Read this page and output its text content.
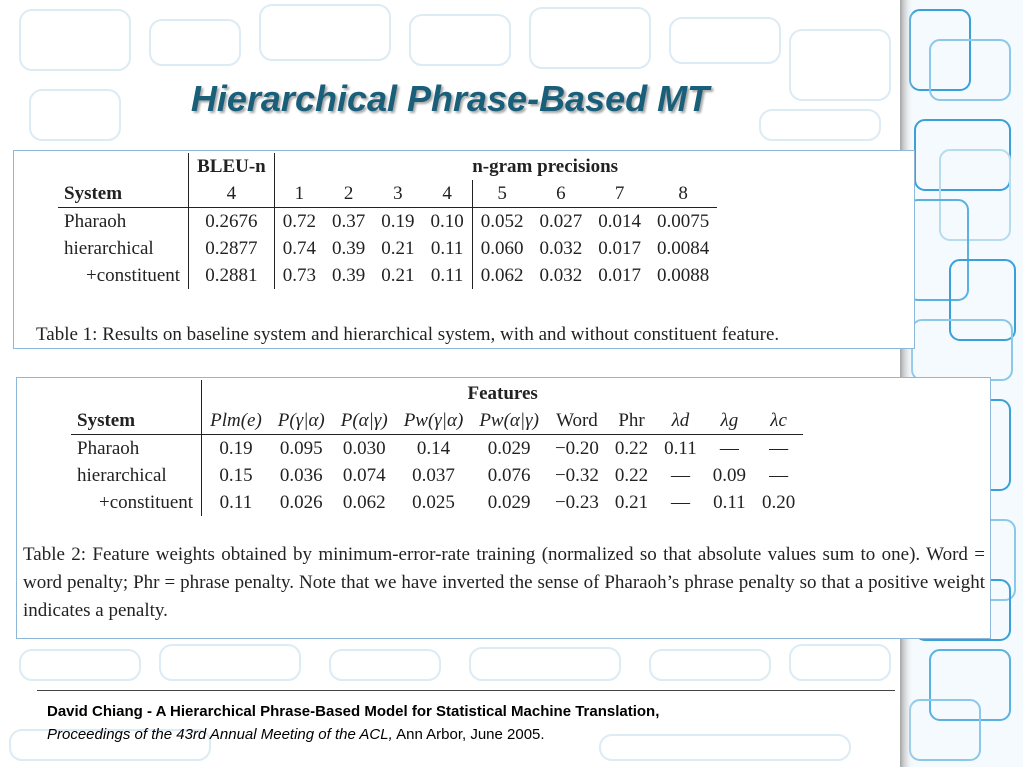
Hierarchical Phrase-Based MT
	BLEU-n					n-gram precisions			
System	4	1	2	3	4	5	6	7	8
Pharaoh	0.2676	0.72	0.37	0.19	0.10	0.052	0.027	0.014	0.0075
hierarchical	0.2877	0.74	0.39	0.21	0.11	0.060	0.032	0.017	0.0084
+constituent	0.2881	0.73	0.39	0.21	0.11	0.062	0.032	0.017	0.0088
Table 1: Results on baseline system and hierarchical system, with and without constituent feature.
	Features									
System	Plm(e)	P(γ|α)	P(α|γ)	Pw(γ|α)	Pw(α|γ)	Word	Phr	λd	λg	λc
Pharaoh	0.19	0.095	0.030	0.14	0.029	−0.20	0.22	0.11	—	—
hierarchical	0.15	0.036	0.074	0.037	0.076	−0.32	0.22	—	0.09	—
+constituent	0.11	0.026	0.062	0.025	0.029	−0.23	0.21	—	0.11	0.20
Table 2: Feature weights obtained by minimum-error-rate training (normalized so that absolute values sum to one). Word = word penalty; Phr = phrase penalty. Note that we have inverted the sense of Pharaoh’s phrase penalty so that a positive weight indicates a penalty.
David Chiang - A Hierarchical Phrase-Based Model for Statistical Machine Translation,
Proceedings of the 43rd Annual Meeting of the ACL, Ann Arbor, June 2005.
